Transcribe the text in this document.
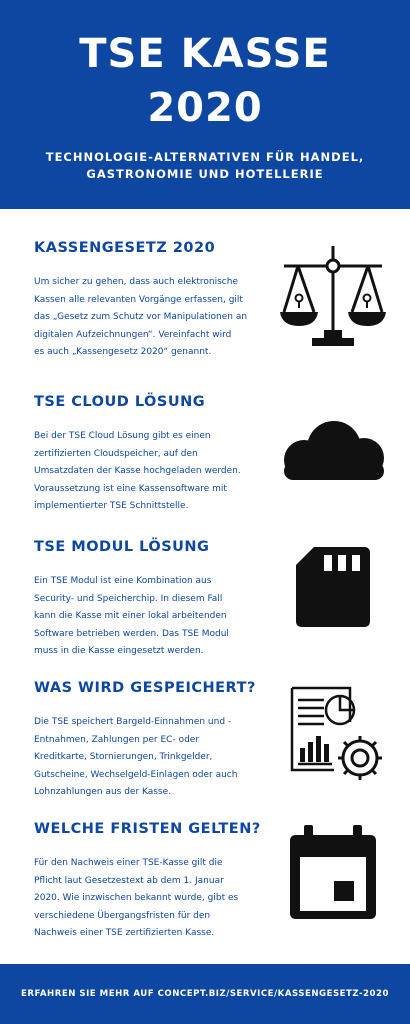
TSE KASSE
2020
TECHNOLOGIE-ALTERNATIVEN FÜR HANDEL,
GASTRONOMIE UND HOTELLERIE
KASSENGESETZ 2020
Um sicher zu gehen, dass auch elektronische
Kassen alle relevanten Vorgänge erfassen, gilt
das „Gesetz zum Schutz vor Manipulationen an
digitalen Aufzeichnungen“. Vereinfacht wird
es auch „Kassengesetz 2020“ genannt.
TSE CLOUD LÖSUNG
Bei der TSE Cloud Lösung gibt es einen
zertifizierten Cloudspeicher, auf den
Umsatzdaten der Kasse hochgeladen werden.
Voraussetzung ist eine Kassensoftware mit
implementierter TSE Schnittstelle.
TSE MODUL LÖSUNG
Ein TSE Modul ist eine Kombination aus
Security- und Speicherchip. In diesem Fall
kann die Kasse mit einer lokal arbeitenden
Software betrieben werden. Das TSE Modul
muss in die Kasse eingesetzt werden.
WAS WIRD GESPEICHERT?
Die TSE speichert Bargeld-Einnahmen und -
Entnahmen, Zahlungen per EC- oder
Kreditkarte, Stornierungen, Trinkgelder,
Gutscheine, Wechselgeld-Einlagen oder auch
Lohnzahlungen aus der Kasse.
WELCHE FRISTEN GELTEN?
Für den Nachweis einer TSE-Kasse gilt die
Pflicht laut Gesetzestext ab dem 1. Januar
2020. Wie inzwischen bekannt wurde, gibt es
verschiedene Übergangsfristen für den
Nachweis einer TSE zertifizierten Kasse.
ERFAHREN SIE MEHR AUF CONCEPT.BIZ/SERVICE/KASSENGESETZ-2020
